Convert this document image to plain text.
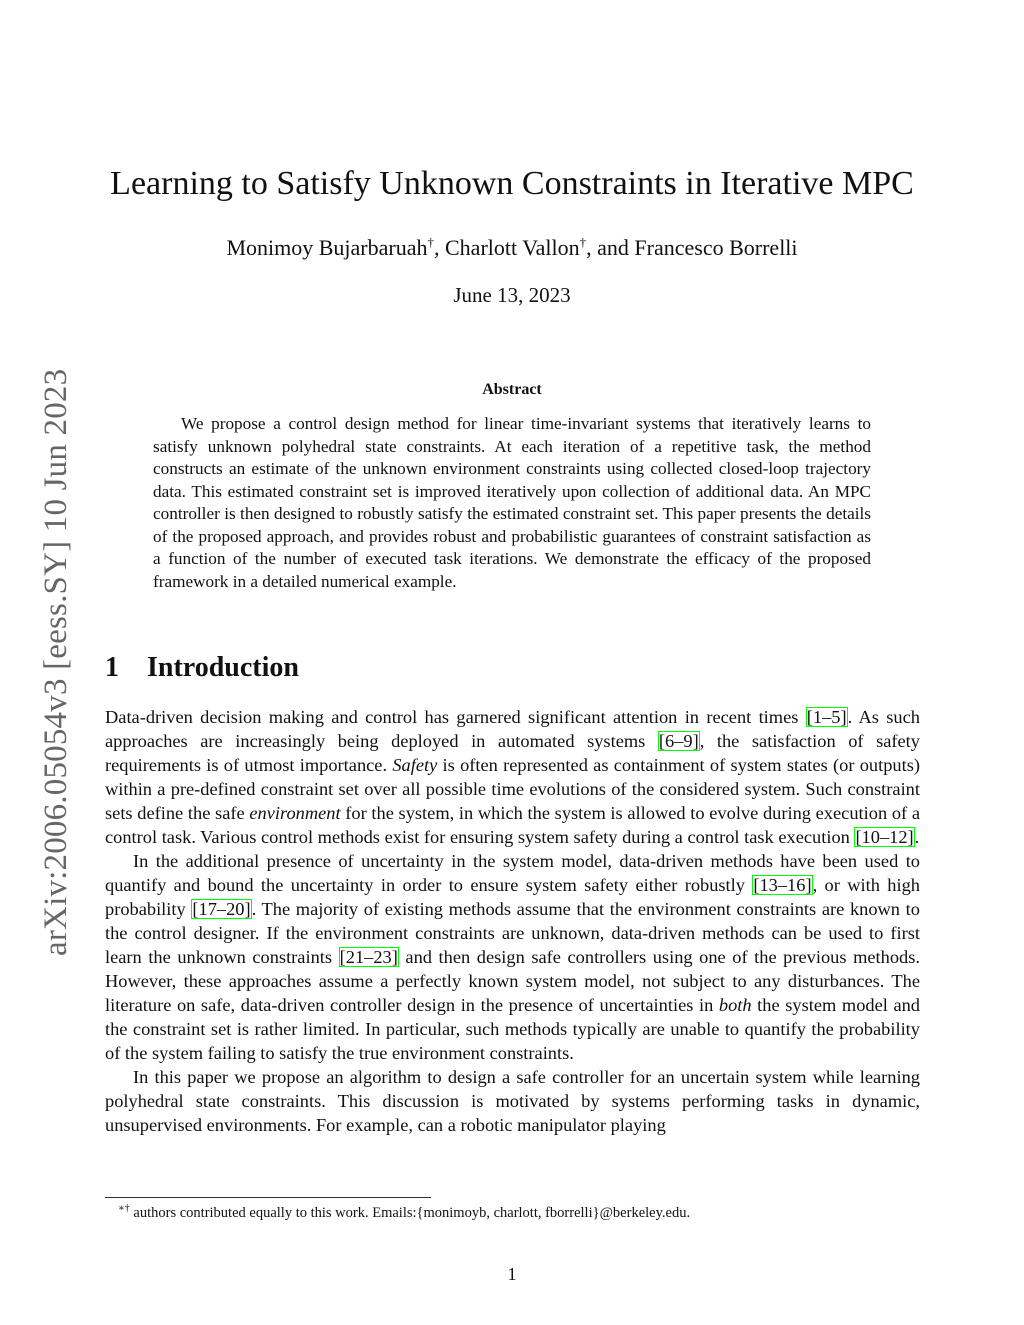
arXiv:2006.05054v3 [eess.SY] 10 Jun 2023
Learning to Satisfy Unknown Constraints in Iterative MPC
Monimoy Bujarbaruah†, Charlott Vallon†, and Francesco Borrelli
June 13, 2023
Abstract
We propose a control design method for linear time-invariant systems that iteratively learns to satisfy unknown polyhedral state constraints. At each iteration of a repetitive task, the method constructs an estimate of the unknown environment constraints using collected closed-loop trajectory data. This estimated constraint set is improved iteratively upon collection of additional data. An MPC controller is then designed to robustly satisfy the estimated constraint set. This paper presents the details of the proposed approach, and provides robust and probabilistic guarantees of constraint satisfaction as a function of the number of executed task iterations. We demonstrate the efficacy of the proposed framework in a detailed numerical example.
1 Introduction

Data-driven decision making and control has garnered significant attention in recent times [1–5]. As such approaches are increasingly being deployed in automated systems [6–9], the satisfaction of safety requirements is of utmost importance. Safety is often represented as containment of system states (or outputs) within a pre-defined constraint set over all possible time evolutions of the considered system. Such constraint sets define the safe environment for the system, in which the system is allowed to evolve during execution of a control task. Various control methods exist for ensuring system safety during a control task execution [10–12].

In the additional presence of uncertainty in the system model, data-driven methods have been used to quantify and bound the uncertainty in order to ensure system safety either robustly [13–16], or with high probability [17–20]. The majority of existing methods assume that the environment constraints are known to the control designer. If the environment constraints are unknown, data-driven methods can be used to first learn the unknown constraints [21–23] and then design safe controllers using one of the previous methods. However, these approaches assume a perfectly known system model, not subject to any disturbances. The literature on safe, data-driven controller design in the presence of uncertainties in both the system model and the constraint set is rather limited. In particular, such methods typically are unable to quantify the probability of the system failing to satisfy the true environment constraints.

In this paper we propose an algorithm to design a safe controller for an uncertain system while learning polyhedral state constraints. This discussion is motivated by systems performing tasks in dynamic, unsupervised environments. For example, can a robotic manipulator playing

∗† authors contributed equally to this work. Emails:{monimoyb, charlott, fborrelli}@berkeley.edu.
1
